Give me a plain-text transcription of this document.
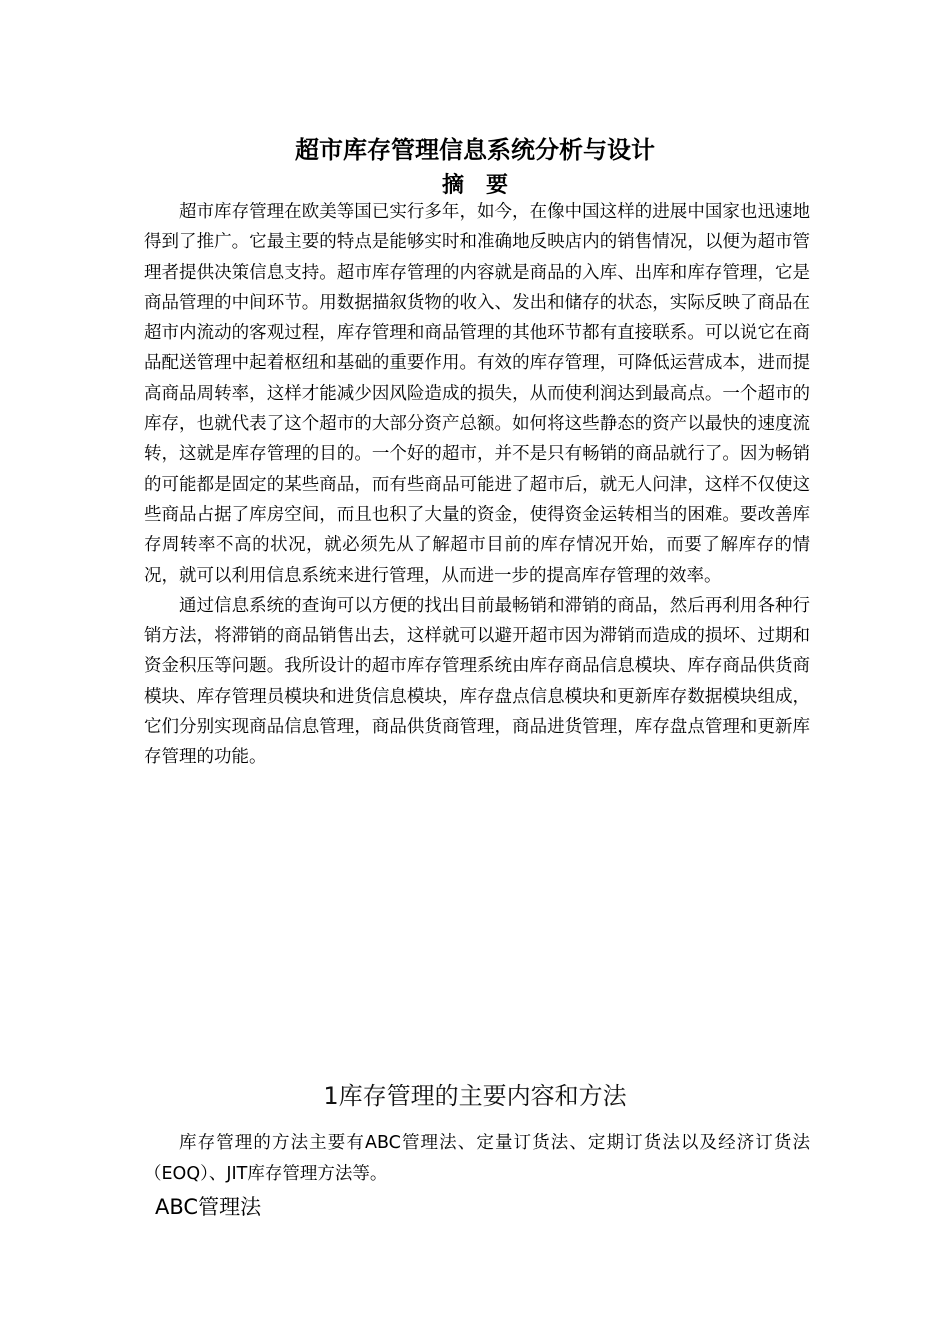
超市库存管理信息系统分析与设计
摘 要

超市库存管理在欧美等国已实行多年，如今，在像中国这样的进展中国家也迅速地得到了推广。它最主要的特点是能够实时和准确地反映店内的销售情况，以便为超市管理者提供决策信息支持。超市库存管理的内容就是商品的入库、出库和库存管理，它是商品管理的中间环节。用数据描叙货物的收入、发出和储存的状态，实际反映了商品在超市内流动的客观过程，库存管理和商品管理的其他环节都有直接联系。可以说它在商品配送管理中起着枢纽和基础的重要作用。有效的库存管理，可降低运营成本，进而提高商品周转率，这样才能减少因风险造成的损失，从而使利润达到最高点。一个超市的库存，也就代表了这个超市的大部分资产总额。如何将这些静态的资产以最快的速度流转，这就是库存管理的目的。一个好的超市，并不是只有畅销的商品就行了。因为畅销的可能都是固定的某些商品，而有些商品可能进了超市后，就无人问津，这样不仅使这些商品占据了库房空间，而且也积了大量的资金，使得资金运转相当的困难。要改善库存周转率不高的状况，就必须先从了解超市目前的库存情况开始，而要了解库存的情况，就可以利用信息系统来进行管理，从而进一步的提高库存管理的效率。

通过信息系统的查询可以方便的找出目前最畅销和滞销的商品，然后再利用各种行销方法，将滞销的商品销售出去，这样就可以避开超市因为滞销而造成的损坏、过期和资金积压等问题。我所设计的超市库存管理系统由库存商品信息模块、库存商品供货商模块、库存管理员模块和进货信息模块，库存盘点信息模块和更新库存数据模块组成，它们分别实现商品信息管理，商品供货商管理，商品进货管理，库存盘点管理和更新库存管理的功能。

1库存管理的主要内容和方法

库存管理的方法主要有ABC管理法、定量订货法、定期订货法以及经济订货法（EOQ）、JIT库存管理方法等。

ABC管理法
